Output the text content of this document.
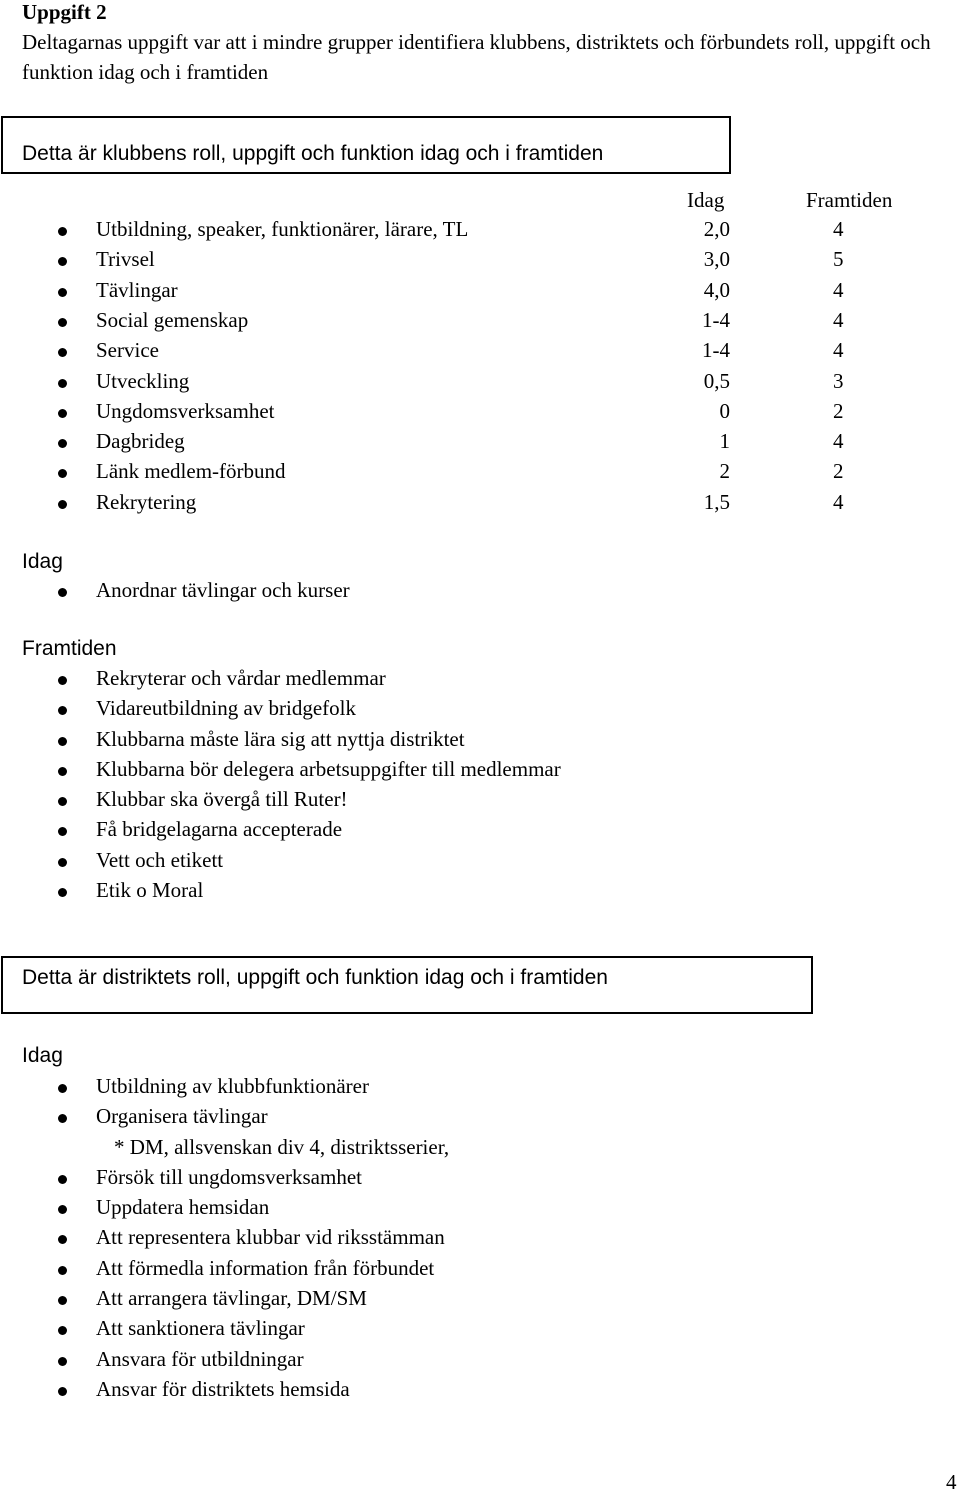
Uppgift 2
Deltagarnas uppgift var att i mindre grupper identifiera klubbens, distriktets och förbundets roll, uppgift och funktion idag och i framtiden
Detta är klubbens roll, uppgift och funktion idag och i framtiden
Idag	Framtiden
Utbildning, speaker, funktionärer, lärare, TL	2,0	4
Trivsel	3,0	5
Tävlingar	4,0	4
Social gemenskap	1-4	4
Service	1-4	4
Utveckling	0,5	3
Ungdomsverksamhet	0	2
Dagbrideg	1	4
Länk medlem-förbund	2	2
Rekrytering	1,5	4
Idag
Anordnar tävlingar och kurser
Framtiden
Rekryterar och vårdar medlemmar
Vidareutbildning av bridgefolk
Klubbarna måste lära sig att nyttja distriktet
Klubbarna bör delegera arbetsuppgifter till medlemmar
Klubbar ska övergå till Ruter!
Få bridgelagarna accepterade
Vett och etikett
Etik o Moral
Detta är distriktets roll, uppgift och funktion idag och i framtiden
Idag
Utbildning av klubbfunktionärer
Organisera tävlingar
* DM, allsvenskan div 4, distriktsserier,
Försök till ungdomsverksamhet
Uppdatera hemsidan
Att representera klubbar vid riksstämman
Att förmedla information från förbundet
Att arrangera tävlingar, DM/SM
Att sanktionera tävlingar
Ansvara för utbildningar
Ansvar för distriktets hemsida
4
